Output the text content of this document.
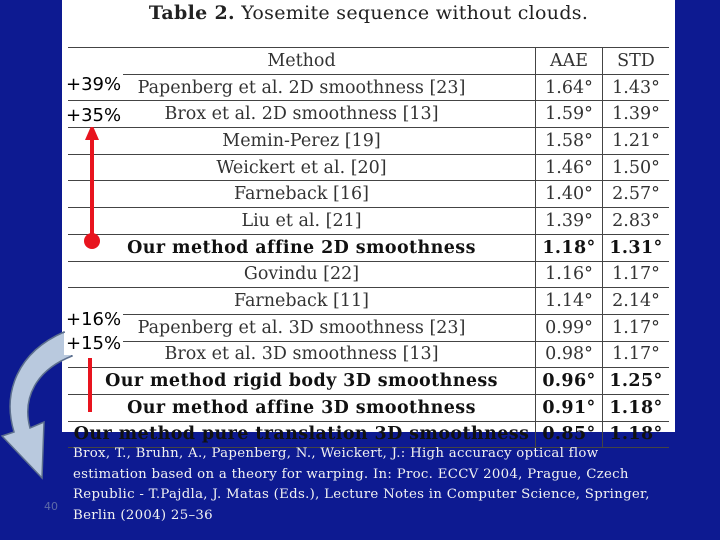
Table 2. Yosemite sequence without clouds.
Method	AAE	STD
Papenberg et al. 2D smoothness [23]	1.64°	1.43°
Brox et al. 2D smoothness [13]	1.59°	1.39°
Memin-Perez [19]	1.58°	1.21°
Weickert et al. [20]	1.46°	1.50°
Farneback [16]	1.40°	2.57°
Liu et al. [21]	1.39°	2.83°
Our method affine 2D smoothness	1.18°	1.31°
Govindu [22]	1.16°	1.17°
Farneback [11]	1.14°	2.14°
Papenberg et al. 3D smoothness [23]	0.99°	1.17°
Brox et al. 3D smoothness [13]	0.98°	1.17°
Our method rigid body 3D smoothness	0.96°	1.25°
Our method affine 3D smoothness	0.91°	1.18°
Our method pure translation 3D smoothness	0.85°	1.18°
+39%
+35%
+16%
+15%
Brox, T., Bruhn, A., Papenberg, N., Weickert, J.: High accuracy optical flow estimation based on a theory for warping. In: Proc. ECCV 2004, Prague, Czech Republic - T.Pajdla, J. Matas (Eds.), Lecture Notes in Computer Science, Springer, Berlin (2004) 25–36
40
